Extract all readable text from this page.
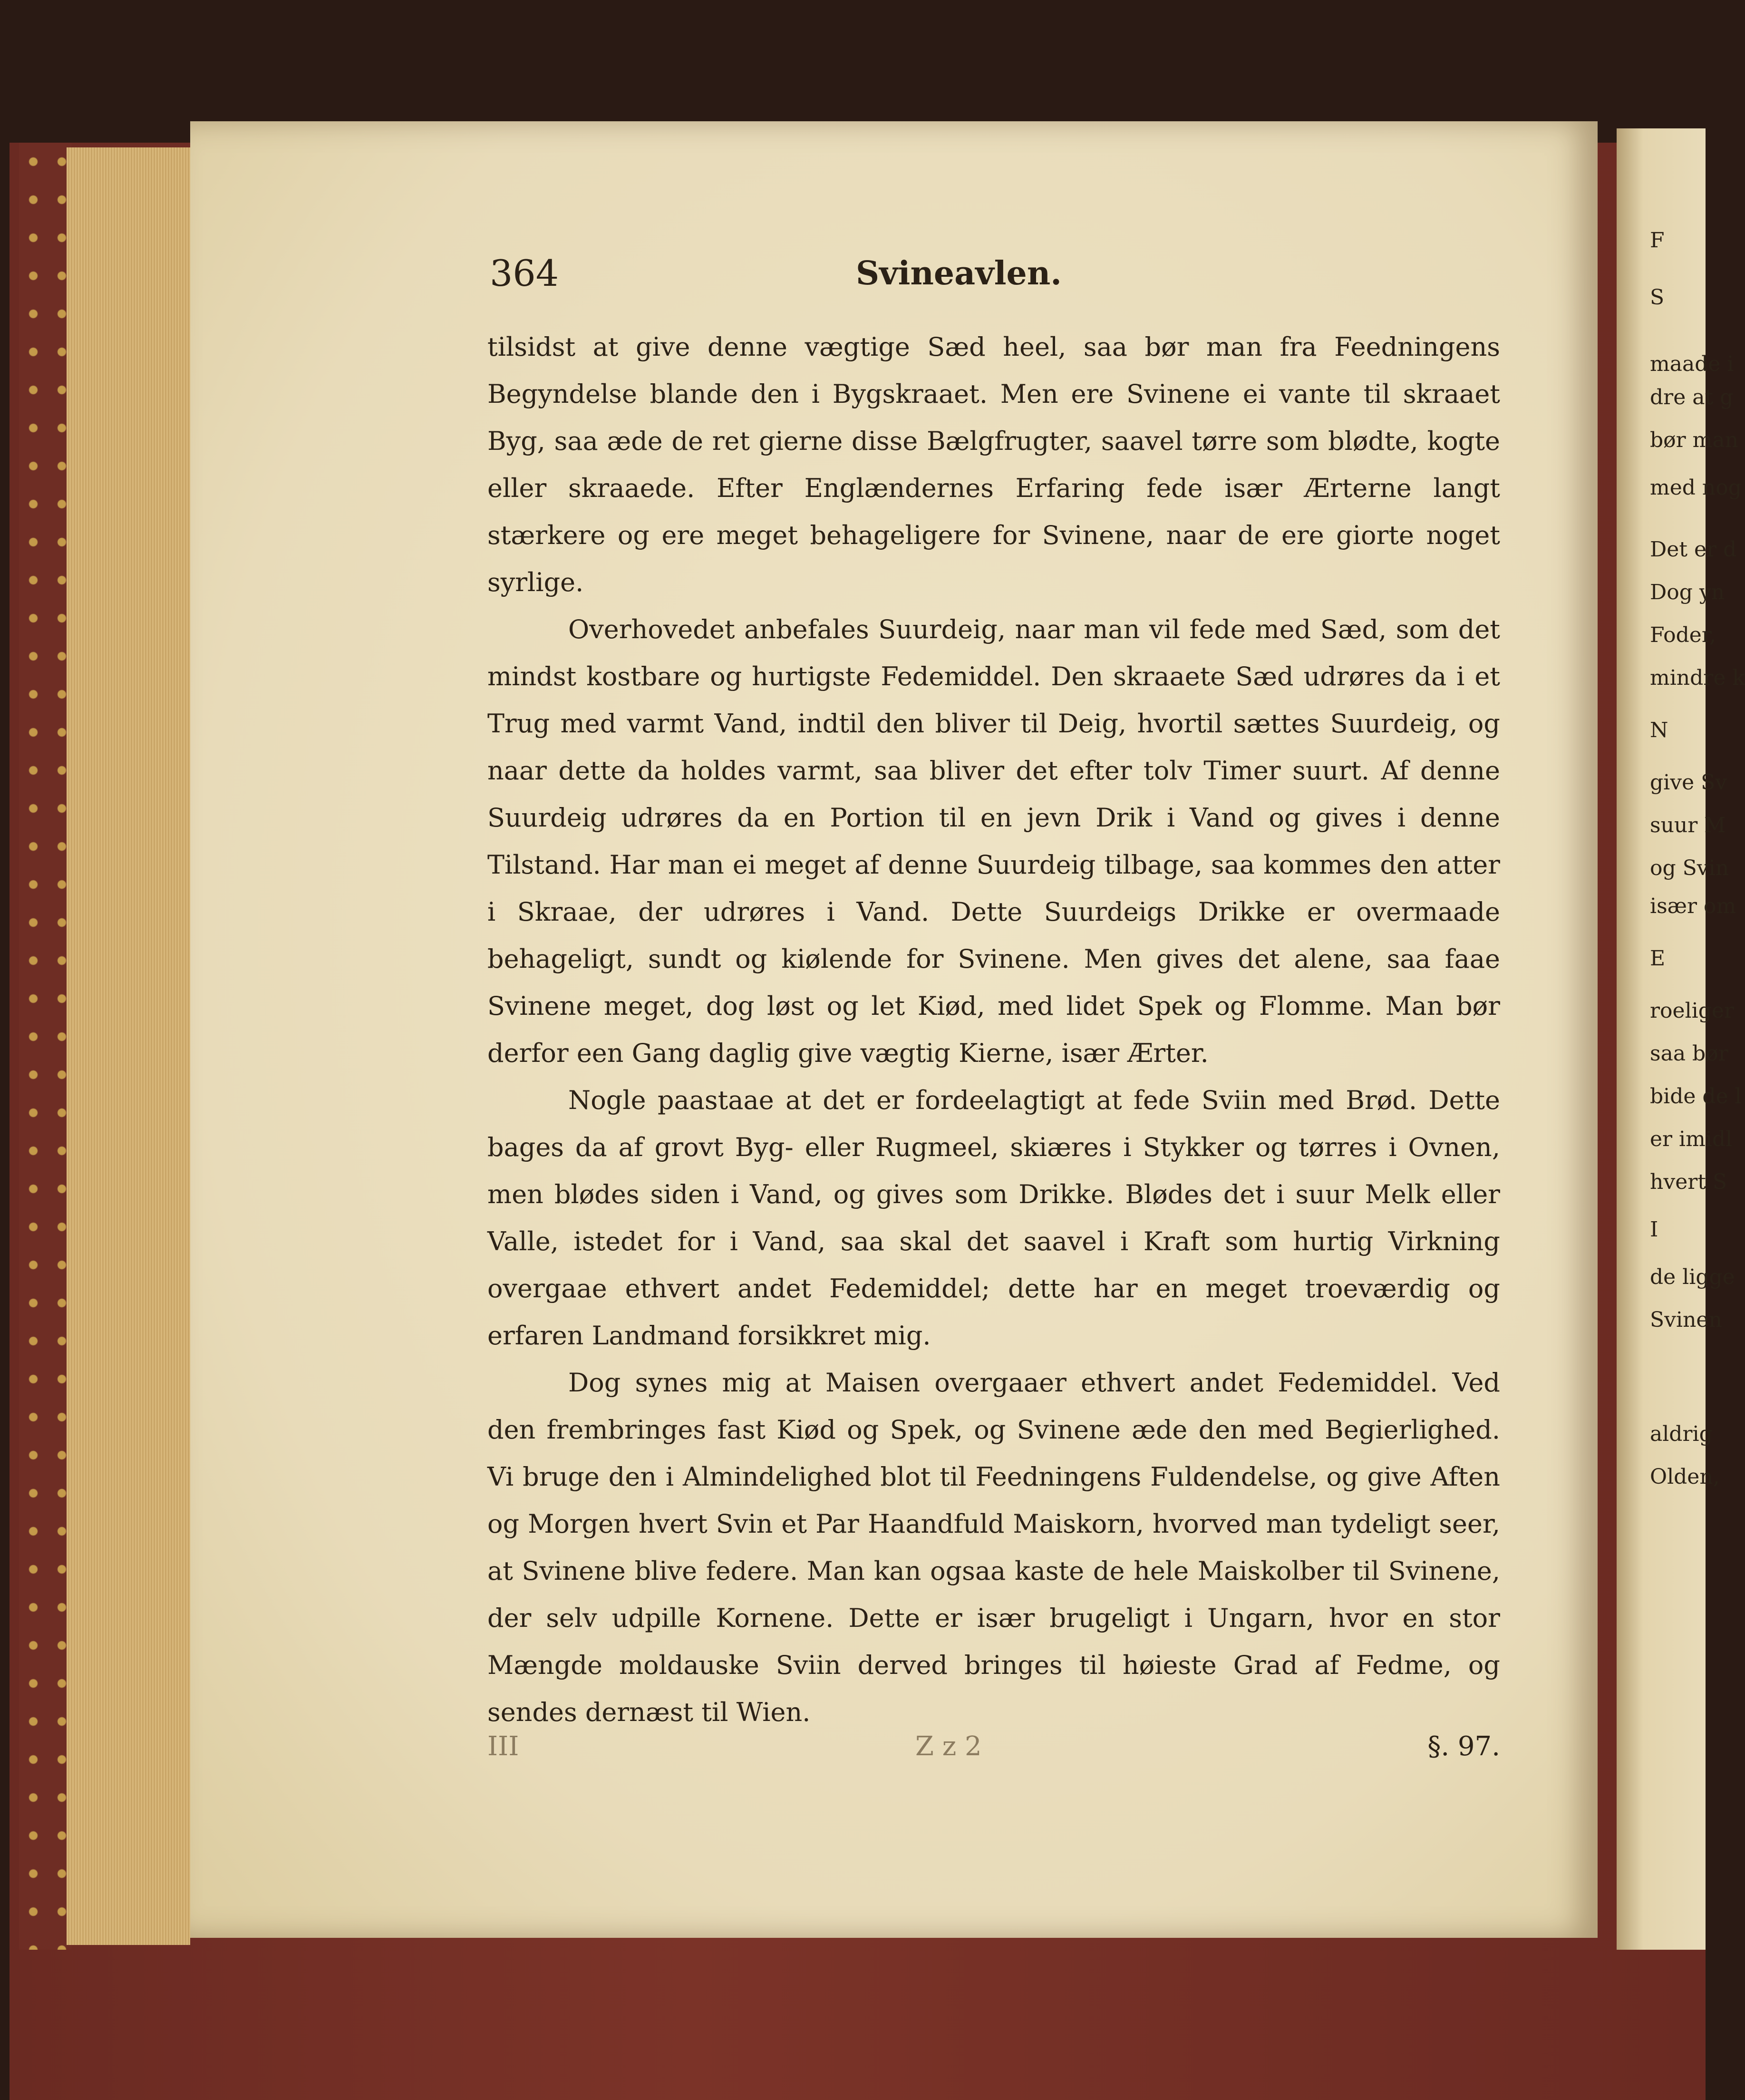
364	Svineavlen.

tilsidst at give denne vægtige Sæd heel, saa bør man fra Feedningens Begyndelse blande den i Bygskraaet. Men ere Svinene ei vante til skraaet Byg, saa æde de ret gierne disse Bælgfrugter, saavel tørre som blødte, kogte eller skraaede. Efter Englændernes Erfaring fede især Ærterne langt stærkere og ere meget behageligere for Svinene, naar de ere giorte noget syrlige.

Overhovedet anbefales Suurdeig, naar man vil fede med Sæd, som det mindst kostbare og hurtigste Fedemiddel. Den skraaete Sæd udrøres da i et Trug med varmt Vand, indtil den bliver til Deig, hvortil sættes Suurdeig, og naar dette da holdes varmt, saa bliver det efter tolv Timer suurt. Af denne Suurdeig udrøres da en Portion til en jevn Drik i Vand og gives i denne Tilstand. Har man ei meget af denne Suurdeig tilbage, saa kommes den atter i Skraae, der udrøres i Vand. Dette Suurdeigs Drikke er overmaade behageligt, sundt og kiølende for Svinene. Men gives det alene, saa faae Svinene meget, dog løst og let Kiød, med lidet Spek og Flomme. Man bør derfor een Gang daglig give vægtig Kierne, især Ærter.

Nogle paastaae at det er fordeelagtigt at fede Sviin med Brød. Dette bages da af grovt Byg- eller Rugmeel, skiæres i Stykker og tørres i Ovnen, men blødes siden i Vand, og gives som Drikke. Blødes det i suur Melk eller Valle, istedet for i Vand, saa skal det saavel i Kraft som hurtig Virkning overgaae ethvert andet Fedemiddel; dette har en meget troeværdig og erfaren Landmand forsikkret mig.

Dog synes mig at Maisen overgaaer ethvert andet Fedemiddel. Ved den frembringes fast Kiød og Spek, og Svinene æde den med Begierlighed. Vi bruge den i Almindelighed blot til Feedningens Fuldendelse, og give Aften og Morgen hvert Svin et Par Haandfuld Maiskorn, hvorved man tydeligt seer, at Svinene blive federe. Man kan ogsaa kaste de hele Maiskolber til Svinene, der selv udpille Kornene. Dette er især brugeligt i Ungarn, hvor en stor Mængde moldauske Sviin derved bringes til høieste Grad af Fedme, og sendes dernæst til Wien.

III	Z z 2	§. 97.
F
S
maade i
dre at g
bør man
med nog
Det er d
Dog yn
Foder,
mindre k
N
give Sv
suur M
og Svin
især om
E
roeliger
saa bør
bide de l
er imidl
hvert S
I
de ligge
Svinen
aldrig
Olden,
